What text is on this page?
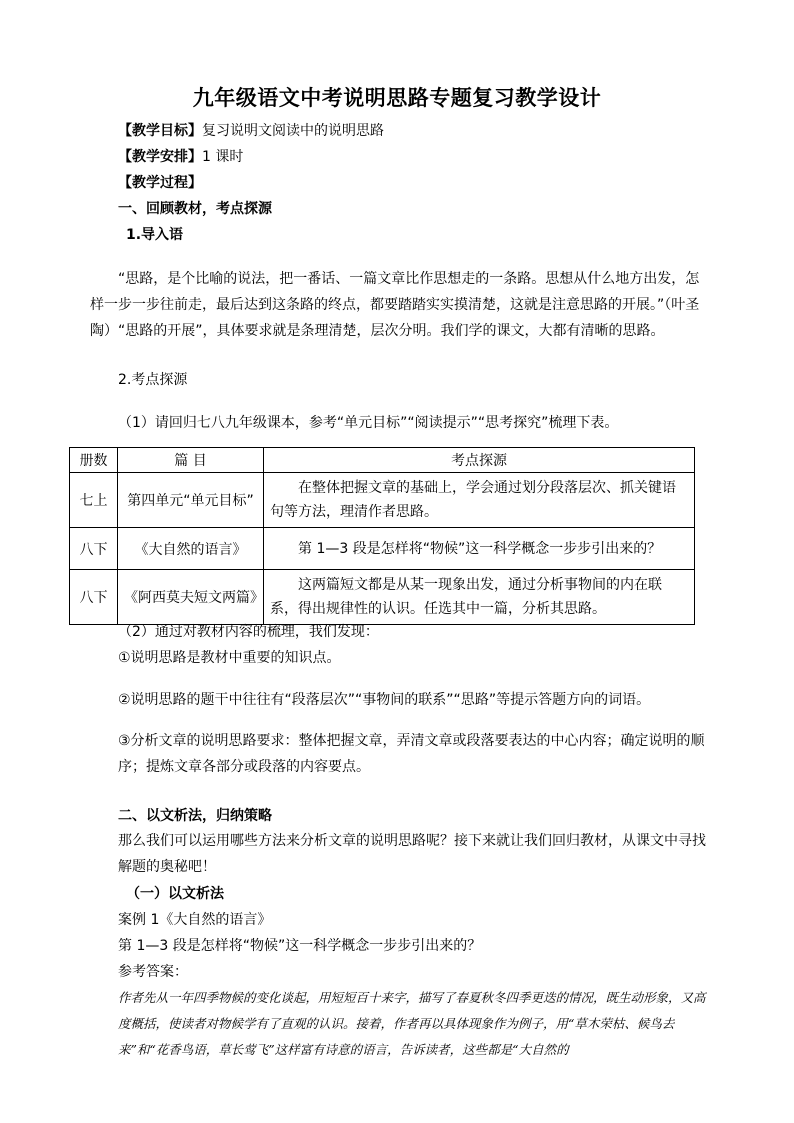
九年级语文中考说明思路专题复习教学设计
【教学目标】复习说明文阅读中的说明思路
【教学安排】1 课时
【教学过程】
一、回顾教材，考点探源
1.导入语
“思路，是个比喻的说法，把一番话、一篇文章比作思想走的一条路。思想从什么地方出发，怎样一步一步往前走，最后达到这条路的终点，都要踏踏实实摸清楚，这就是注意思路的开展。”（叶圣陶）“思路的开展”，具体要求就是条理清楚，层次分明。我们学的课文，大都有清晰的思路。
2.考点探源
（1）请回归七八九年级课本，参考“单元目标”“阅读提示”“思考探究”梳理下表。
册数	篇 目	考点探源
七上	第四单元“单元目标”	在整体把握文章的基础上，学会通过划分段落层次、抓关键语句等方法，理清作者思路。
八下	《大自然的语言》	第 1—3 段是怎样将“物候”这一科学概念一步步引出来的？
八下	《阿西莫夫短文两篇》	这两篇短文都是从某一现象出发，通过分析事物间的内在联系，得出规律性的认识。任选其中一篇，分析其思路。
（2）通过对教材内容的梳理，我们发现：
①说明思路是教材中重要的知识点。
②说明思路的题干中往往有“段落层次”“事物间的联系”“思路”等提示答题方向的词语。
③分析文章的说明思路要求：整体把握文章，弄清文章或段落要表达的中心内容；确定说明的顺序；提炼文章各部分或段落的内容要点。
二、以文析法，归纳策略
那么我们可以运用哪些方法来分析文章的说明思路呢？接下来就让我们回归教材，从课文中寻找解题的奥秘吧！
（一）以文析法
案例 1《大自然的语言》
第 1—3 段是怎样将“物候”这一科学概念一步步引出来的？
参考答案：
作者先从一年四季物候的变化谈起，用短短百十来字，描写了春夏秋冬四季更迭的情况，既生动形象，又高度概括，使读者对物候学有了直观的认识。接着，作者再以具体现象作为例子，用“草木荣枯、候鸟去来”和“花香鸟语，草长莺飞”这样富有诗意的语言，告诉读者，这些都是“大自然的
